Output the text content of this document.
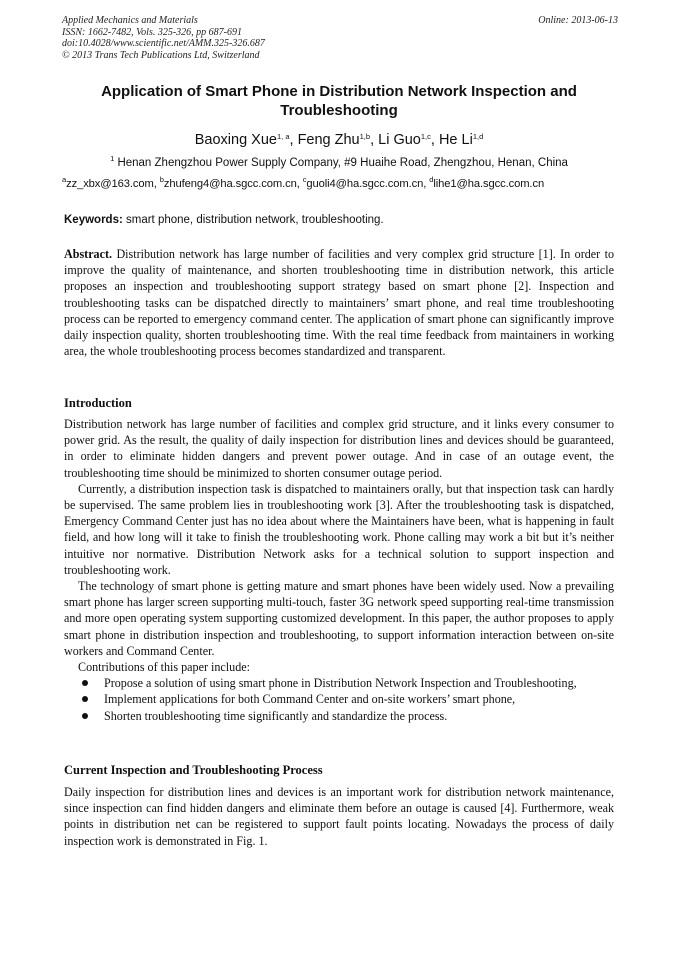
Applied Mechanics and Materials	Online: 2013-06-13
ISSN: 1662-7482, Vols. 325-326, pp 687-691
doi:10.4028/www.scientific.net/AMM.325-326.687
© 2013 Trans Tech Publications Ltd, Switzerland
Application of Smart Phone in Distribution Network Inspection and Troubleshooting
Baoxing Xue$^{1, a}$, Feng Zhu$^{1,b}$, Li Guo$^{1,c}$, He Li$^{1,d}$
$^1$ Henan Zhengzhou Power Supply Company, #9 Huaihe Road, Zhengzhou, Henan, China
$^a$zz_xbx@163.com, $^b$zhufeng4@ha.sgcc.com.cn, $^c$guoli4@ha.sgcc.com.cn, $^d$lihe1@ha.sgcc.com.cn
Keywords: smart phone, distribution network, troubleshooting.

Abstract. Distribution network has large number of facilities and very complex grid structure [1]. In order to improve the quality of maintenance, and shorten troubleshooting time in distribution network, this article proposes an inspection and troubleshooting support strategy based on smart phone [2]. Inspection and troubleshooting tasks can be dispatched directly to maintainers’ smart phone, and real time troubleshooting process can be reported to emergency command center. The application of smart phone can significantly improve daily inspection quality, shorten troubleshooting time. With the real time feedback from maintainers in working area, the whole troubleshooting process becomes standardized and transparent.

Introduction

Distribution network has large number of facilities and complex grid structure, and it links every consumer to power grid. As the result, the quality of daily inspection for distribution lines and devices should be guaranteed, in order to eliminate hidden dangers and prevent power outage. And in case of an outage event, the troubleshooting time should be minimized to shorten consumer outage period.

Currently, a distribution inspection task is dispatched to maintainers orally, but that inspection task can hardly be supervised. The same problem lies in troubleshooting work [3]. After the troubleshooting task is dispatched, Emergency Command Center just has no idea about where the Maintainers have been, what is happening in fault field, and how long will it take to finish the troubleshooting work. Phone calling may work a bit but it’s neither intuitive nor normative. Distribution Network asks for a technical solution to support inspection and troubleshooting work.

The technology of smart phone is getting mature and smart phones have been widely used. Now a prevailing smart phone has larger screen supporting multi-touch, faster 3G network speed supporting real-time transmission and more open operating system supporting customized development. In this paper, the author proposes to apply smart phone in distribution inspection and troubleshooting, to support information interaction between on-site workers and Command Center.

Contributions of this paper include:

Propose a solution of using smart phone in Distribution Network Inspection and Troubleshooting,
Implement applications for both Command Center and on-site workers’ smart phone,
Shorten troubleshooting time significantly and standardize the process.
Current Inspection and Troubleshooting Process

Daily inspection for distribution lines and devices is an important work for distribution network maintenance, since inspection can find hidden dangers and eliminate them before an outage is caused [4]. Furthermore, weak points in distribution net can be registered to support fault points locating. Nowadays the process of daily inspection work is demonstrated in Fig. 1.
